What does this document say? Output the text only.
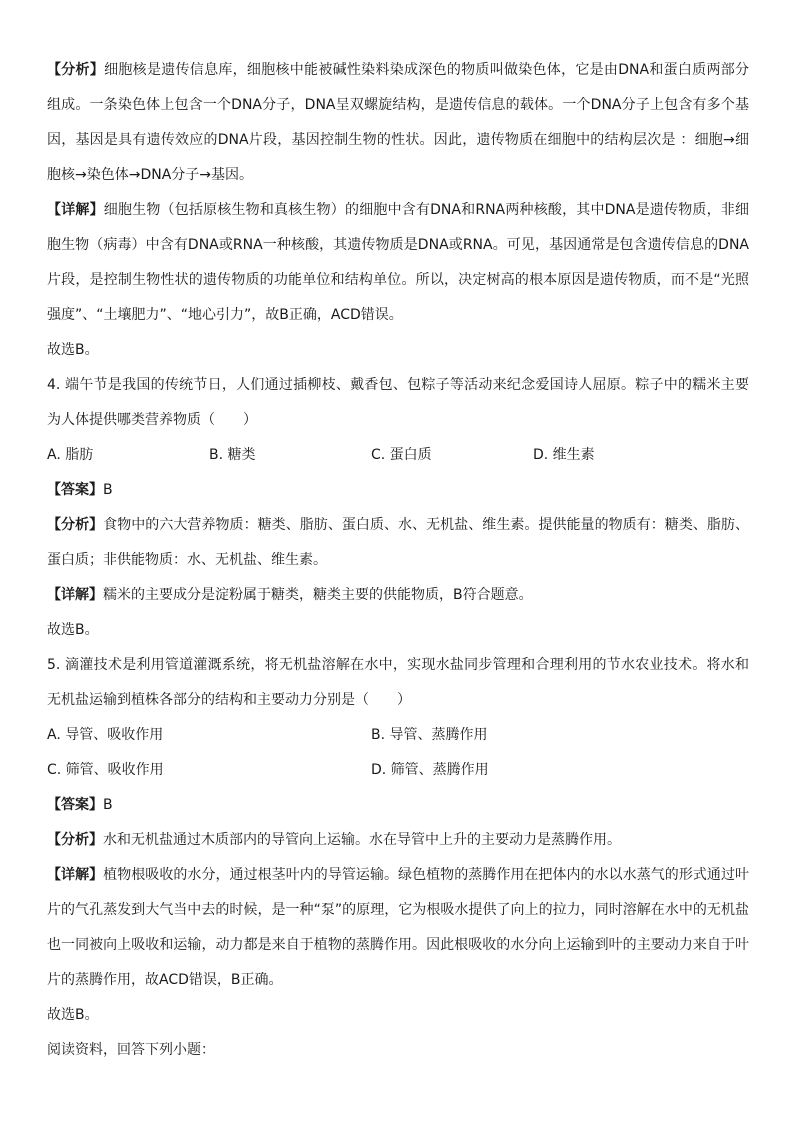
【分析】细胞核是遗传信息库，细胞核中能被碱性染料染成深色的物质叫做染色体，它是由DNA和蛋白质两部分组成。一条染色体上包含一个DNA分子，DNA呈双螺旋结构，是遗传信息的载体。一个DNA分子上包含有多个基因，基因是具有遗传效应的DNA片段，基因控制生物的性状。因此，遗传物质在细胞中的结构层次是 ：细胞→细胞核→染色体→DNA分子→基因。

【详解】细胞生物（包括原核生物和真核生物）的细胞中含有DNA和RNA两种核酸，其中DNA是遗传物质，非细胞生物（病毒）中含有DNA或RNA一种核酸，其遗传物质是DNA或RNA。可见，基因通常是包含遗传信息的DNA片段，是控制生物性状的遗传物质的功能单位和结构单位。所以，决定树高的根本原因是遗传物质，而不是“光照强度”、“土壤肥力”、“地心引力”，故B正确，ACD错误。

故选B。

4. 端午节是我国的传统节日，人们通过插柳枝、戴香包、包粽子等活动来纪念爱国诗人屈原。粽子中的糯米主要为人体提供哪类营养物质（　　）

A. 脂肪	B. 糖类	C. 蛋白质	D. 维生素

【答案】B

【分析】食物中的六大营养物质：糖类、脂肪、蛋白质、水、无机盐、维生素。提供能量的物质有：糖类、脂肪、蛋白质；非供能物质：水、无机盐、维生素。

【详解】糯米的主要成分是淀粉属于糖类，糖类主要的供能物质，B符合题意。

故选B。

5. 滴灌技术是利用管道灌溉系统，将无机盐溶解在水中，实现水盐同步管理和合理利用的节水农业技术。将水和无机盐运输到植株各部分的结构和主要动力分别是（　　）

A. 导管、吸收作用	B. 导管、蒸腾作用
C. 筛管、吸收作用	D. 筛管、蒸腾作用

【答案】B

【分析】水和无机盐通过木质部内的导管向上运输。水在导管中上升的主要动力是蒸腾作用。

【详解】植物根吸收的水分，通过根茎叶内的导管运输。绿色植物的蒸腾作用在把体内的水以水蒸气的形式通过叶片的气孔蒸发到大气当中去的时候，是一种“泵”的原理，它为根吸水提供了向上的拉力，同时溶解在水中的无机盐也一同被向上吸收和运输，动力都是来自于植物的蒸腾作用。因此根吸收的水分向上运输到叶的主要动力来自于叶片的蒸腾作用，故ACD错误，B正确。

故选B。

阅读资料，回答下列小题：
